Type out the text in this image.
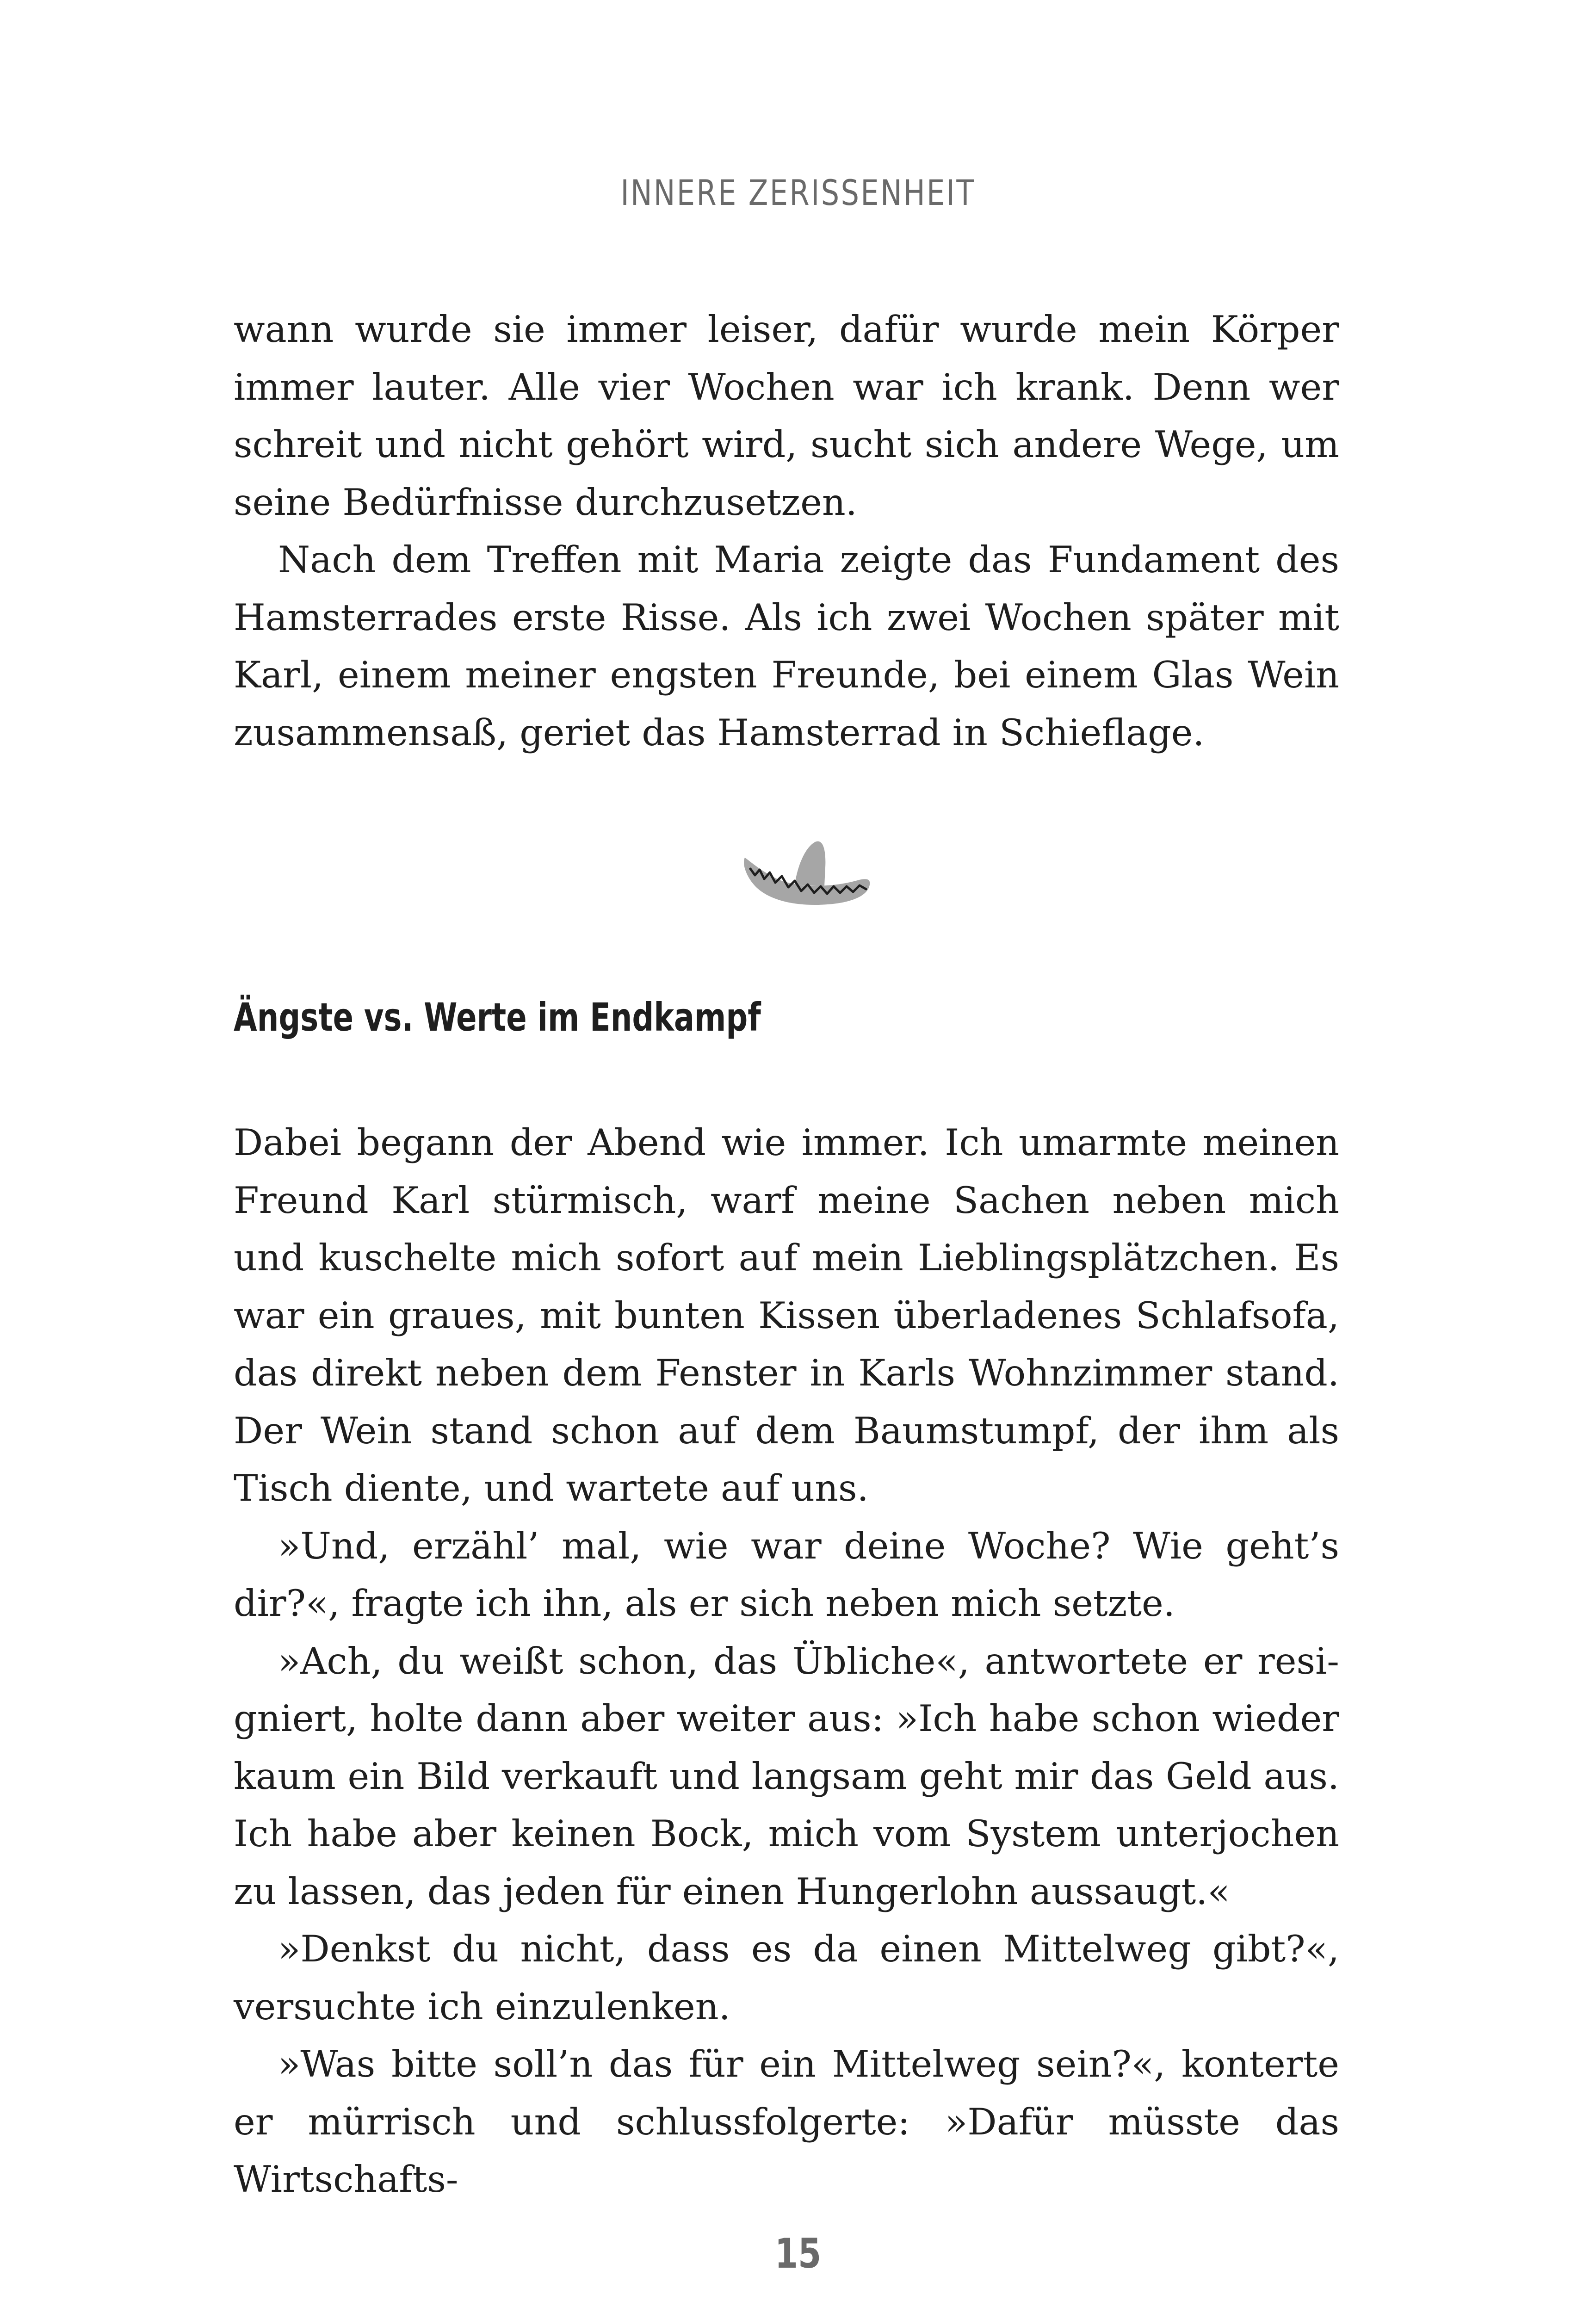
INNERE ZERISSENHEIT

wann wurde sie immer leiser, dafür wurde mein Körper immer lauter. Alle vier Wochen war ich krank. Denn wer schreit und nicht gehört wird, sucht sich andere Wege, um seine Bedürfnisse durchzusetzen.

Nach dem Treffen mit Maria zeigte das Fundament des Hamsterrades erste Risse. Als ich zwei Wochen später mit Karl, einem meiner engsten Freunde, bei einem Glas Wein zusammensaß, geriet das Hamsterrad in Schieflage.

Ängste vs. Werte im Endkampf

Dabei begann der Abend wie immer. Ich umarmte meinen Freund Karl stürmisch, warf meine Sachen neben mich und kuschelte mich sofort auf mein Lieblingsplätzchen. Es war ein graues, mit bunten Kissen überladenes Schlafsofa, das direkt neben dem Fenster in Karls Wohnzimmer stand. Der Wein stand schon auf dem Baumstumpf, der ihm als Tisch diente, und wartete auf uns.

»Und, erzähl’ mal, wie war deine Woche? Wie geht’s dir?«, fragte ich ihn, als er sich neben mich setzte.

»Ach, du weißt schon, das Übliche«, antwortete er resigniert, holte dann aber weiter aus: »Ich habe schon wieder kaum ein Bild verkauft und langsam geht mir das Geld aus. Ich habe aber keinen Bock, mich vom System unterjochen zu lassen, das jeden für einen Hungerlohn aussaugt.«

»Denkst du nicht, dass es da einen Mittelweg gibt?«, versuchte ich einzulenken.

»Was bitte soll’n das für ein Mittelweg sein?«, konterte er mürrisch und schlussfolgerte: »Dafür müsste das Wirtschafts-

15
